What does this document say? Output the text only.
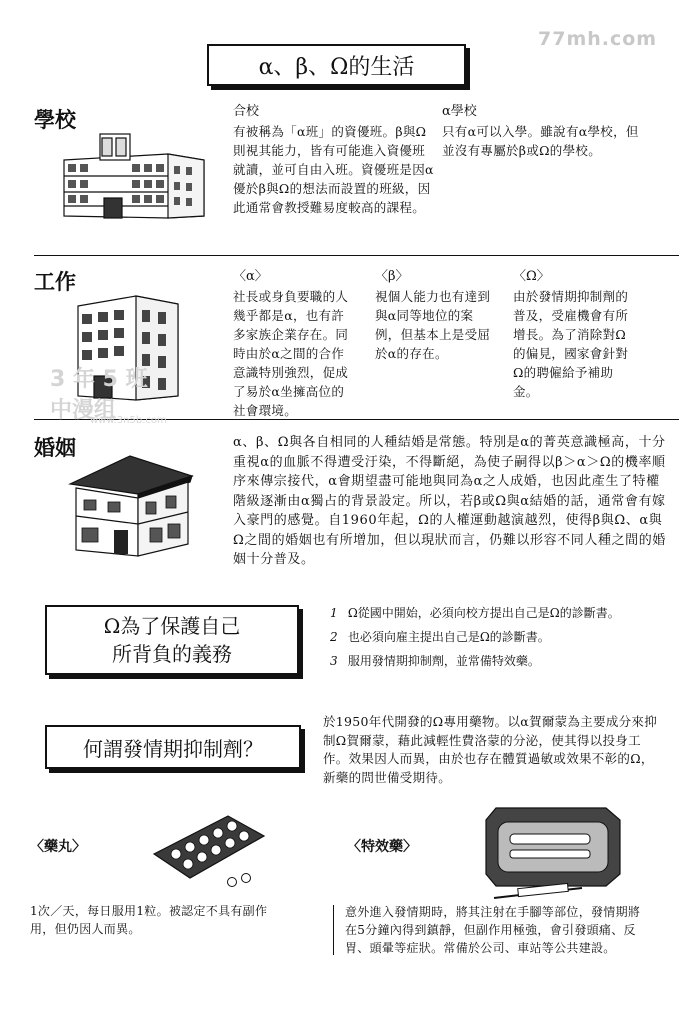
77mh.com
α、β、Ω的生活
學校	合校
有被稱為「α班」的資優班。β與Ω則視其能力，皆有可能進入資優班就讀，並可自由入班。資優班是因α優於β與Ω的想法而設置的班級，因此通常會教授難易度較高的課程。
α學校
只有α可以入學。雖說有α學校，但並沒有專屬於β或Ω的學校。
工作	〈α〉
社長或身負要職的人幾乎都是α，也有許多家族企業存在。同時由於α之間的合作意識特別強烈，促成了易於α坐擁高位的社會環境。
〈β〉
視個人能力也有達到與α同等地位的案例，但基本上是受屈於α的存在。
〈Ω〉
由於發情期抑制劑的普及，受雇機會有所增長。為了消除對Ω的偏見，國家會針對Ω的聘僱給予補助金。
婚姻	α、β、Ω與各自相同的人種結婚是常態。特別是α的菁英意識極高，十分重視α的血脈不得遭受汙染，不得斷絕，為使子嗣得以β＞α＞Ω的機率順序來傳宗接代，α會期望盡可能地與同為α之人成婚，也因此產生了特權階級逐漸由α獨占的背景設定。所以，若β或Ω與α結婚的話，通常會有嫁入豪門的感覺。自1960年起，Ω的人權運動越演越烈，使得β與Ω、α與Ω之間的婚姻也有所增加，但以現狀而言，仍難以形容不同人種之間的婚姻十分普及。
3 年 5 班
中漫组
www.3n5b.com
Ω為了保護自己
所背負的義務
1 Ω從國中開始，必須向校方提出自己是Ω的診斷書。
2 也必須向雇主提出自己是Ω的診斷書。
3 服用發情期抑制劑，並常備特效藥。
何謂發情期抑制劑？
於1950年代開發的Ω專用藥物。以α賀爾蒙為主要成分來抑制Ω賀爾蒙，藉此減輕性費洛蒙的分泌，使其得以投身工作。效果因人而異，由於也存在體質過敏或效果不彰的Ω，新藥的問世備受期待。
〈藥丸〉
1次／天，每日服用1粒。被認定不具有副作用，但仍因人而異。
〈特效藥〉
意外進入發情期時，將其注射在手腳等部位，發情期將在5分鐘內得到鎮靜，但副作用極強，會引發頭痛、反胃、頭暈等症狀。常備於公司、車站等公共建設。
